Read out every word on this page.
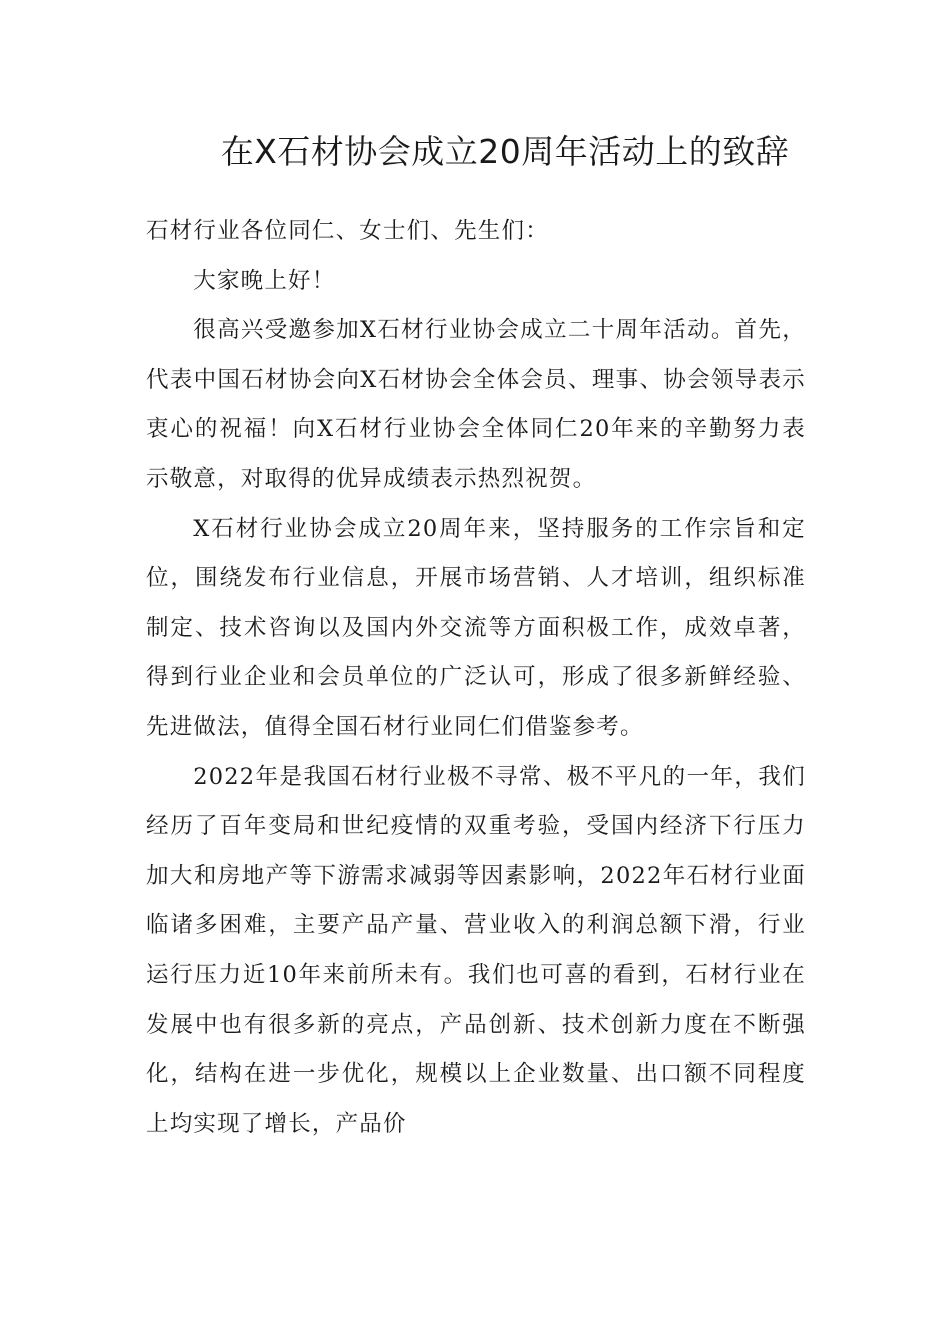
在X石材协会成立20周年活动上的致辞

石材行业各位同仁、女士们、先生们：

大家晚上好！

很高兴受邀参加X石材行业协会成立二十周年活动。首先，代表中国石材协会向X石材协会全体会员、理事、协会领导表示衷心的祝福！向X石材行业协会全体同仁20年来的辛勤努力表示敬意，对取得的优异成绩表示热烈祝贺。

X石材行业协会成立20周年来，坚持服务的工作宗旨和定位，围绕发布行业信息，开展市场营销、人才培训，组织标准制定、技术咨询以及国内外交流等方面积极工作，成效卓著，得到行业企业和会员单位的广泛认可，形成了很多新鲜经验、先进做法，值得全国石材行业同仁们借鉴参考。

2022年是我国石材行业极不寻常、极不平凡的一年，我们经历了百年变局和世纪疫情的双重考验，受国内经济下行压力加大和房地产等下游需求减弱等因素影响，2022年石材行业面临诸多困难，主要产品产量、营业收入的利润总额下滑，行业运行压力近10年来前所未有。我们也可喜的看到，石材行业在发展中也有很多新的亮点，产品创新、技术创新力度在不断强化，结构在进一步优化，规模以上企业数量、出口额不同程度上均实现了增长，产品价
